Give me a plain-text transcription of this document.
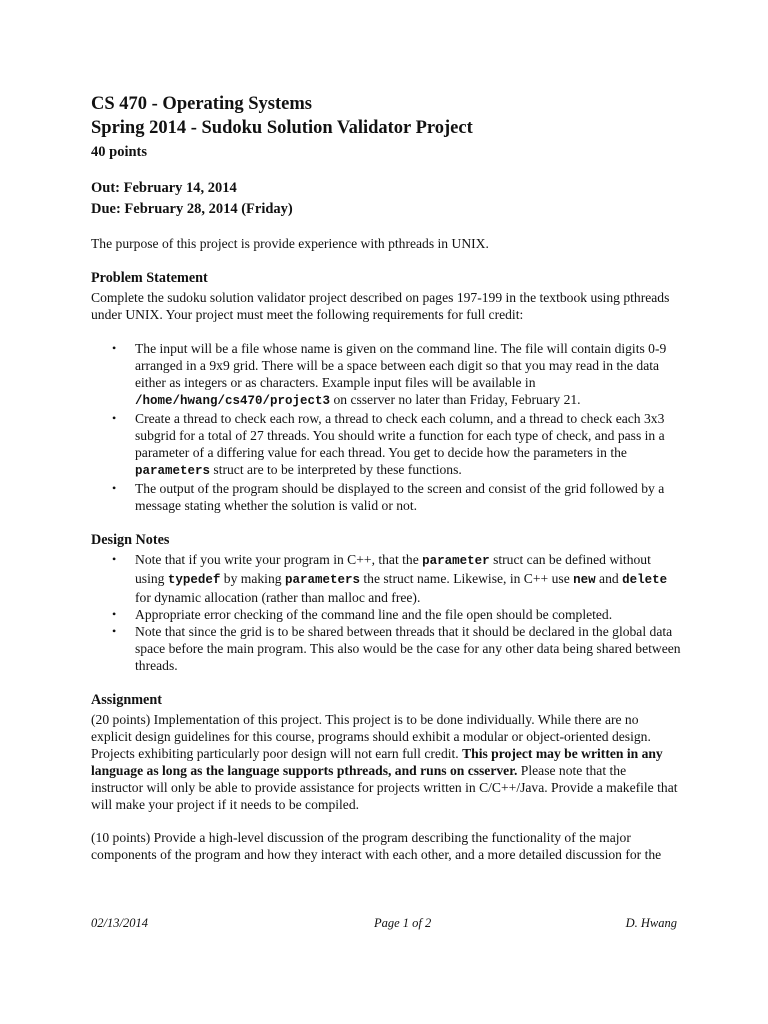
CS 470 - Operating Systems
Spring 2014 - Sudoku Solution Validator Project
40 points
Out: February 14, 2014
Due: February 28, 2014 (Friday)

The purpose of this project is provide experience with pthreads in UNIX.

Problem Statement

Complete the sudoku solution validator project described on pages 197-199 in the textbook using pthreads under UNIX. Your project must meet the following requirements for full credit:

• The input will be a file whose name is given on the command line. The file will contain digits 0-9 arranged in a 9x9 grid. There will be a space between each digit so that you may read in the data either as integers or as characters. Example input files will be available in /home/hwang/cs470/project3 on csserver no later than Friday, February 21.
• Create a thread to check each row, a thread to check each column, and a thread to check each 3x3 subgrid for a total of 27 threads. You should write a function for each type of check, and pass in a parameter of a differing value for each thread. You get to decide how the parameters in the parameters struct are to be interpreted by these functions.
• The output of the program should be displayed to the screen and consist of the grid followed by a message stating whether the solution is valid or not.
Design Notes
• Note that if you write your program in C++, that the parameter struct can be defined without using typedef by making parameters the struct name. Likewise, in C++ use new and delete for dynamic allocation (rather than malloc and free).
• Appropriate error checking of the command line and the file open should be completed.
• Note that since the grid is to be shared between threads that it should be declared in the global data space before the main program. This also would be the case for any other data being shared between threads.
Assignment

(20 points) Implementation of this project. This project is to be done individually. While there are no explicit design guidelines for this course, programs should exhibit a modular or object-oriented design. Projects exhibiting particularly poor design will not earn full credit. This project may be written in any language as long as the language supports pthreads, and runs on csserver. Please note that the instructor will only be able to provide assistance for projects written in C/C++/Java. Provide a makefile that will make your project if it needs to be compiled.

(10 points) Provide a high-level discussion of the program describing the functionality of the major components of the program and how they interact with each other, and a more detailed discussion for the

02/13/2014	Page 1 of 2	D. Hwang
